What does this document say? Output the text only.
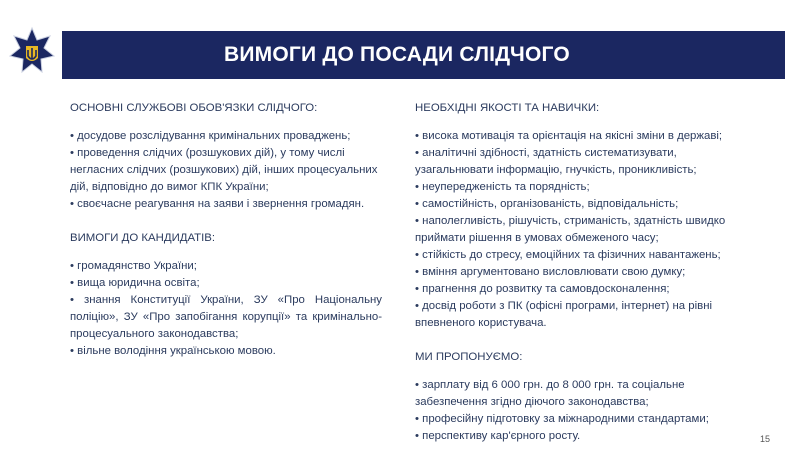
ВИМОГИ ДО ПОСАДИ СЛІДЧОГО
ОСНОВНІ СЛУЖБОВІ ОБОВ'ЯЗКИ СЛІДЧОГО:
• досудове розслідування кримінальних проваджень;
• проведення слідчих (розшукових дій), у тому числі негласних слідчих (розшукових) дій, інших процесуальних дій, відповідно до вимог КПК України;
• своєчасне реагування на заяви і звернення громадян.
ВИМОГИ ДО КАНДИДАТІВ:
• громадянство України;
• вища юридична освіта;
• знання Конституції України, ЗУ «Про Національну поліцію», ЗУ «Про запобігання корупції» та кримінально-процесуального законодавства;
• вільне володіння українською мовою.
НЕОБХІДНІ ЯКОСТІ ТА НАВИЧКИ:
• висока мотивація та орієнтація на якісні зміни в державі;
• аналітичні здібності, здатність систематизувати, узагальнювати інформацію, гнучкість, проникливість;
• неупередженість та порядність;
• самостійність, організованість, відповідальність;
• наполегливість, рішучість, стриманість, здатність швидко приймати рішення в умовах обмеженого часу;
• стійкість до стресу, емоційних та фізичних навантажень;
• вміння аргументовано висловлювати свою думку;
• прагнення до розвитку та самовдосконалення;
• досвід роботи з ПК (офісні програми, інтернет) на рівні впевненого користувача.
МИ ПРОПОНУЄМО:
• зарплату від 6 000 грн. до 8 000 грн. та соціальне забезпечення згідно діючого законодавства;
• професійну підготовку за міжнародними стандартами;
• перспективу кар'єрного росту.	15
